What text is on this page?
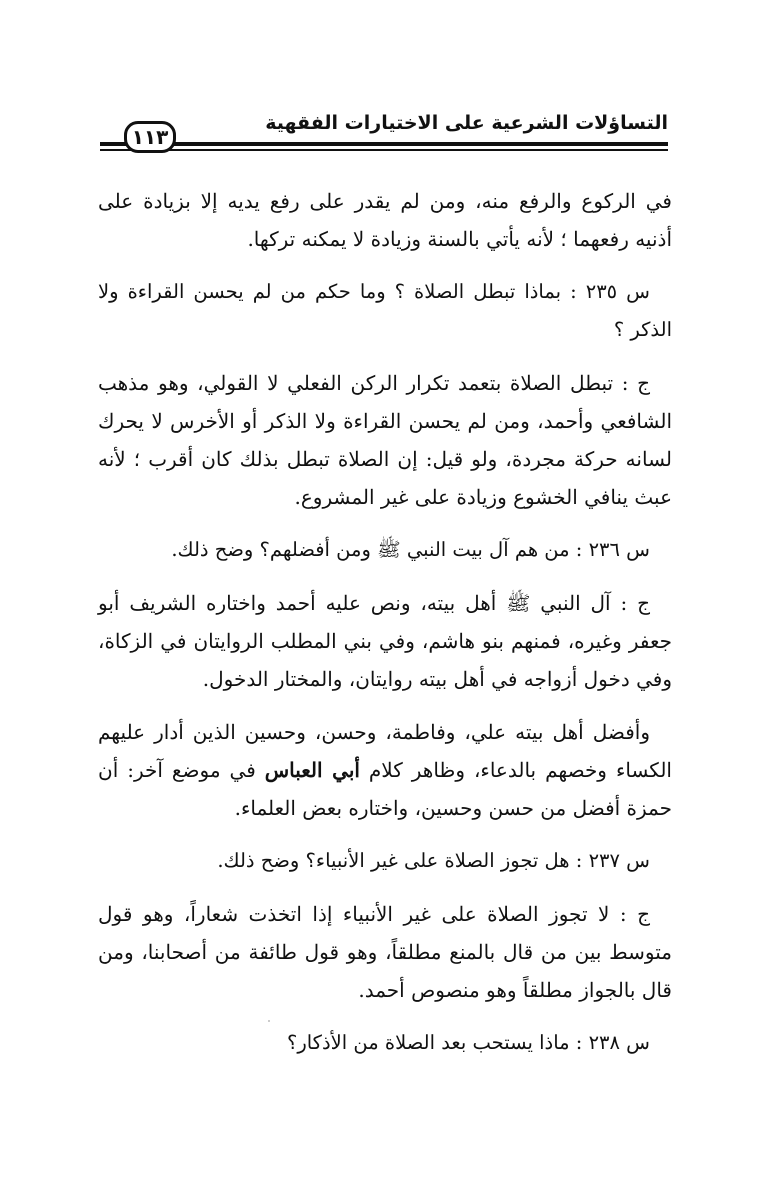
التساؤلات الشرعية على الاختيارات الفقهية
١١٣

في الركوع والرفع منه، ومن لم يقدر على رفع يديه إلا بزيادة على أذنيه رفعهما ؛ لأنه يأتي بالسنة وزيادة لا يمكنه تركها.

س ٢٣٥ : بماذا تبطل الصلاة ؟ وما حكم من لم يحسن القراءة ولا الذكر ؟

ج : تبطل الصلاة بتعمد تكرار الركن الفعلي لا القولي، وهو مذهب الشافعي وأحمد، ومن لم يحسن القراءة ولا الذكر أو الأخرس لا يحرك لسانه حركة مجردة، ولو قيل: إن الصلاة تبطل بذلك كان أقرب ؛ لأنه عبث ينافي الخشوع وزيادة على غير المشروع.

س ٢٣٦ : من هم آل بيت النبي ﷺ ومن أفضلهم؟ وضح ذلك.

ج : آل النبي ﷺ أهل بيته، ونص عليه أحمد واختاره الشريف أبو جعفر وغيره، فمنهم بنو هاشم، وفي بني المطلب الروايتان في الزكاة، وفي دخول أزواجه في أهل بيته روايتان، والمختار الدخول.

وأفضل أهل بيته علي، وفاطمة، وحسن، وحسين الذين أدار عليهم الكساء وخصهم بالدعاء، وظاهر كلام أبي العباس في موضع آخر: أن حمزة أفضل من حسن وحسين، واختاره بعض العلماء.

س ٢٣٧ : هل تجوز الصلاة على غير الأنبياء؟ وضح ذلك.

ج : لا تجوز الصلاة على غير الأنبياء إذا اتخذت شعاراً، وهو قول متوسط بين من قال بالمنع مطلقاً، وهو قول طائفة من أصحابنا، ومن قال بالجواز مطلقاً وهو منصوص أحمد.

س ٢٣٨ : ماذا يستحب بعد الصلاة من الأذكار؟
